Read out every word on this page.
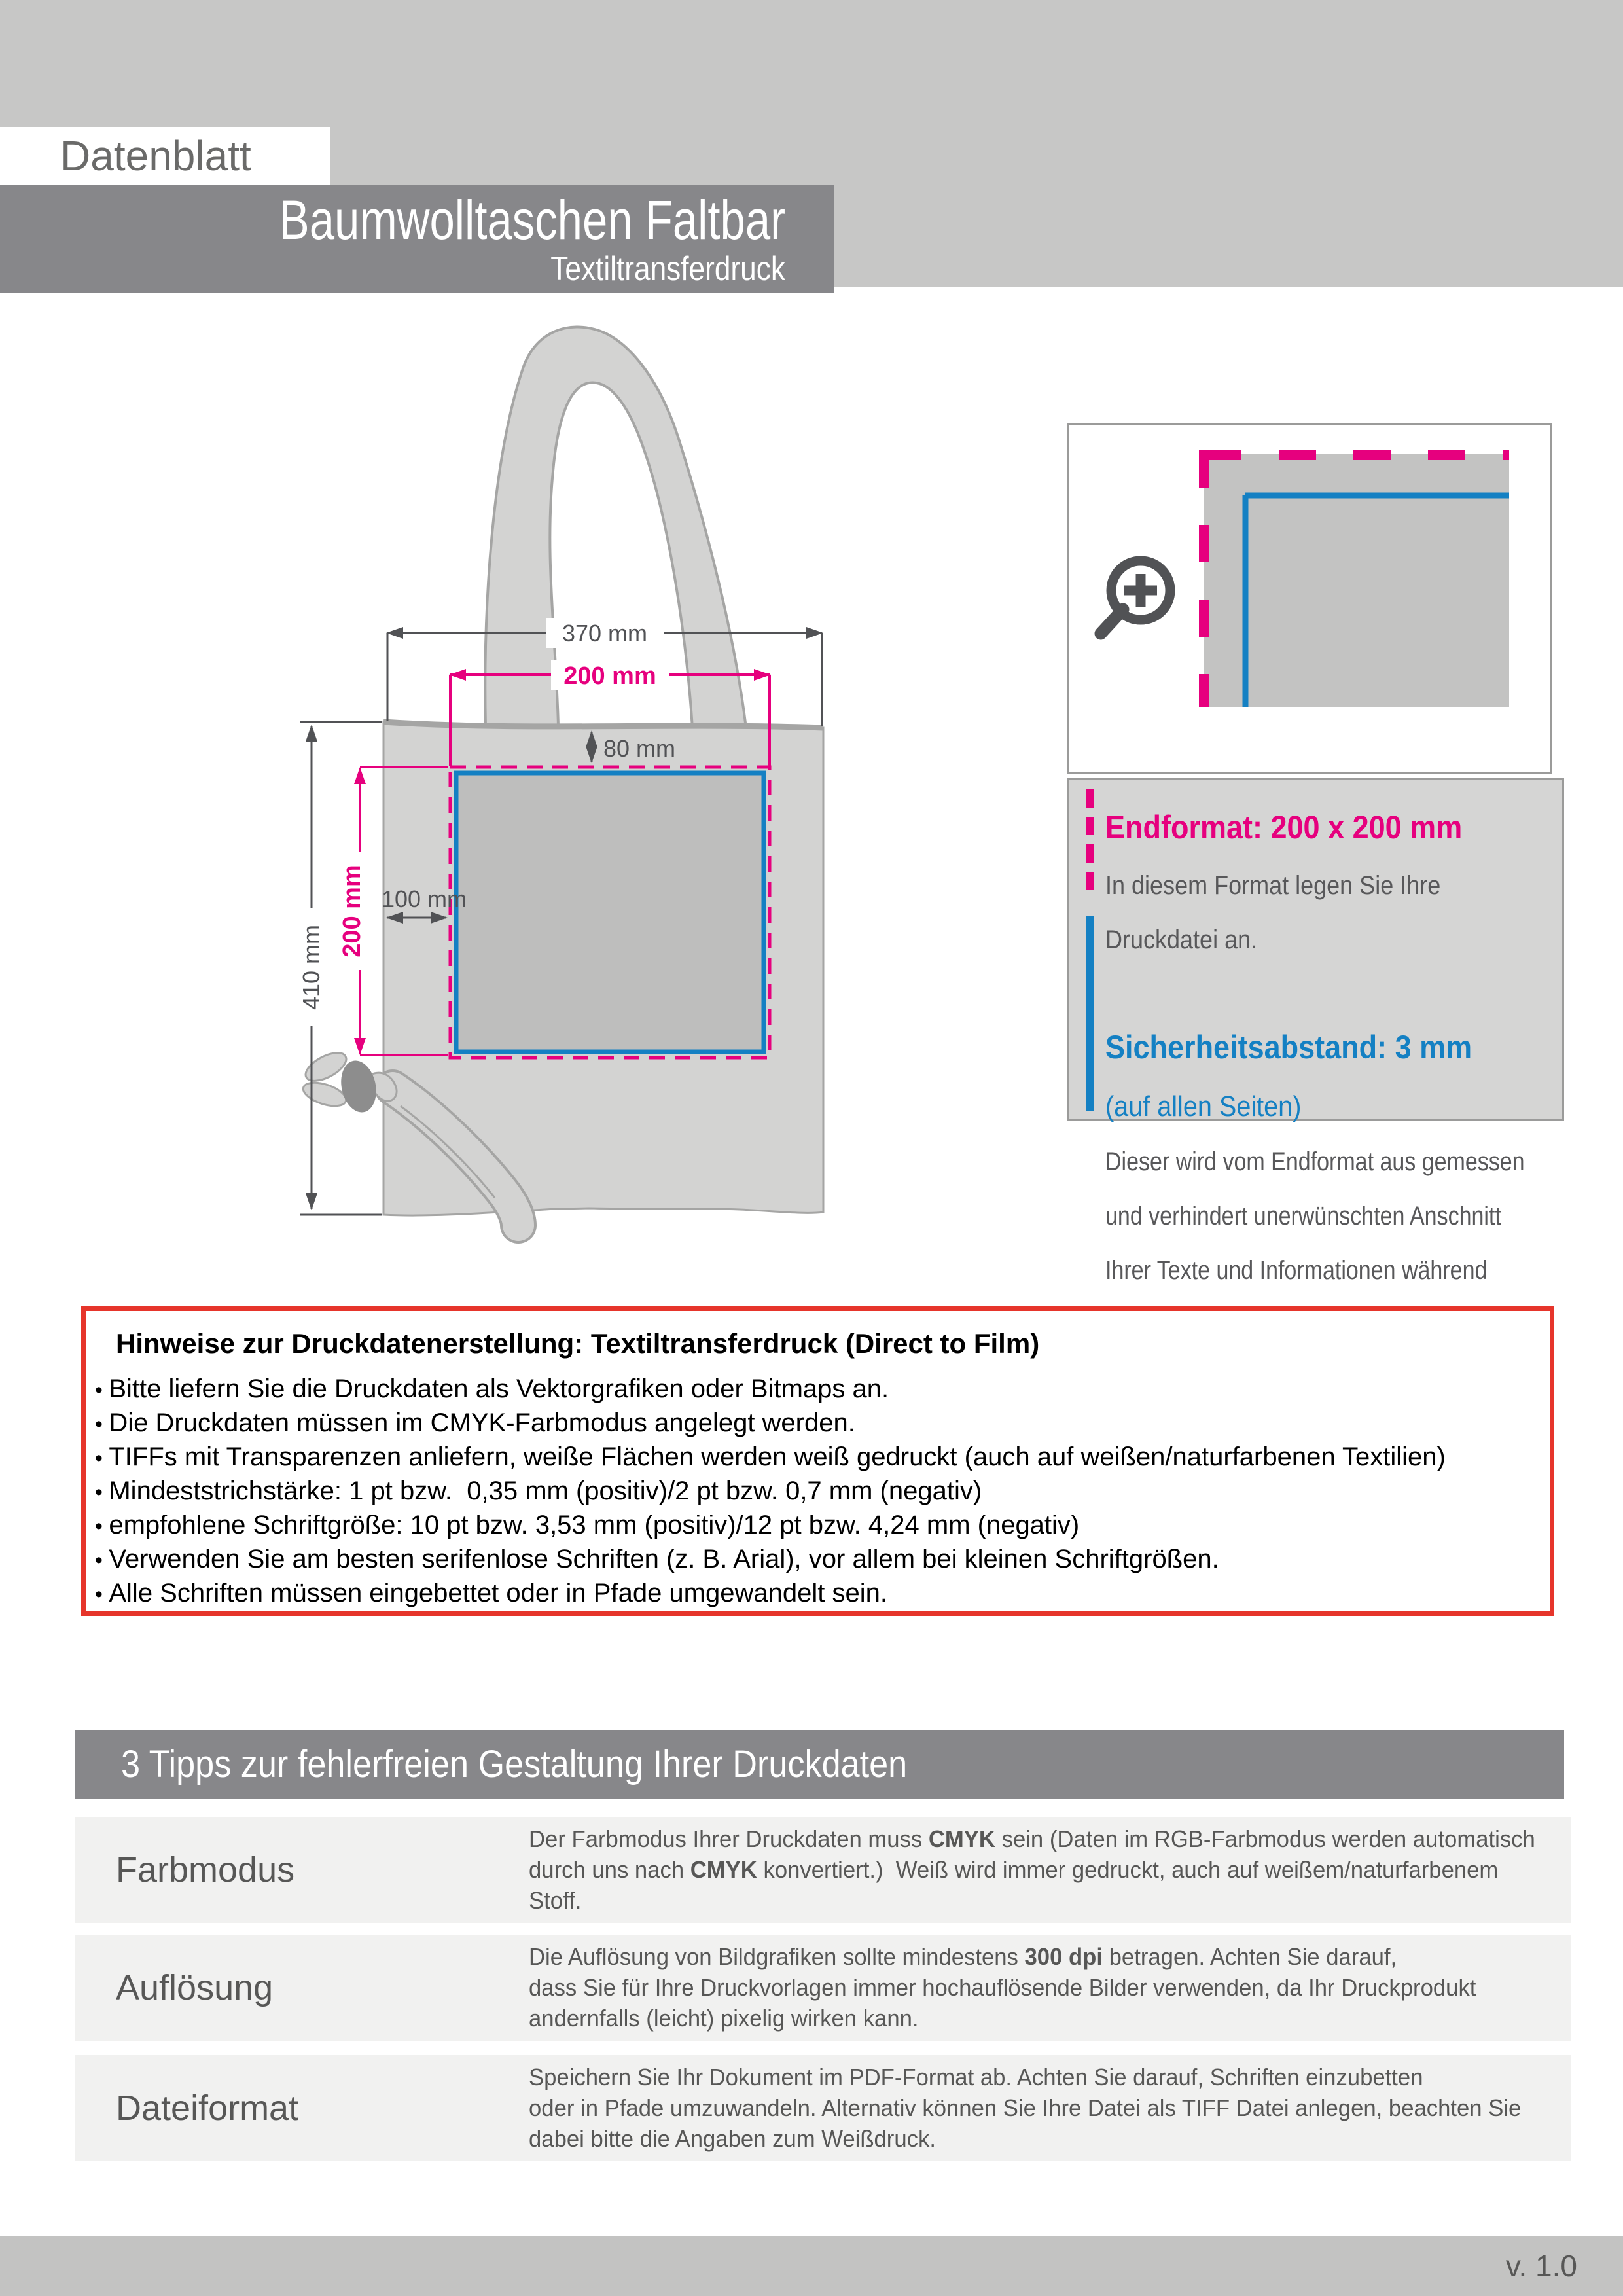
Datenblatt
Baumwolltaschen Faltbar
Textiltransferdruck
370 mm
200 mm
80 mm
100 mm
200 mm
410 mm

Endformat: 200 x 200 mm

In diesem Format legen Sie Ihre

Druckdatei an.

Sicherheitsabstand: 3 mm

(auf allen Seiten)

Dieser wird vom Endformat aus gemessen

und verhindert unerwünschten Anschnitt

Ihrer Texte und Informationen während

Hinweise zur Druckdatenerstellung: Textiltransferdruck (Direct to Film)
• Bitte liefern Sie die Druckdaten als Vektorgrafiken oder Bitmaps an.
• Die Druckdaten müssen im CMYK-Farbmodus angelegt werden.
• TIFFs mit Transparenzen anliefern, weiße Flächen werden weiß gedruckt (auch auf weißen/naturfarbenen Textilien)
• Mindeststrichstärke: 1 pt bzw.  0,35 mm (positiv)/2 pt bzw. 0,7 mm (negativ)
• empfohlene Schriftgröße: 10 pt bzw. 3,53 mm (positiv)/12 pt bzw. 4,24 mm (negativ)
• Verwenden Sie am besten serifenlose Schriften (z. B. Arial), vor allem bei kleinen Schriftgrößen.
• Alle Schriften müssen eingebettet oder in Pfade umgewandelt sein.
3 Tipps zur fehlerfreien Gestaltung Ihrer Druckdaten
Farbmodus
Der Farbmodus Ihrer Druckdaten muss CMYK sein (Daten im RGB-Farbmodus werden automatisch durch uns nach CMYK konvertiert.)  Weiß wird immer gedruckt, auch auf weißem/naturfarbenem Stoff.
Auflösung
Die Auflösung von Bildgrafiken sollte mindestens 300 dpi betragen. Achten Sie darauf, dass Sie für Ihre Druckvorlagen immer hochauflösende Bilder verwenden, da Ihr Druckprodukt andernfalls (leicht) pixelig wirken kann.
Dateiformat
Speichern Sie Ihr Dokument im PDF-Format ab. Achten Sie darauf, Schriften einzubetten oder in Pfade umzuwandeln. Alternativ können Sie Ihre Datei als TIFF Datei anlegen, beachten Sie dabei bitte die Angaben zum Weißdruck.
v. 1.0
